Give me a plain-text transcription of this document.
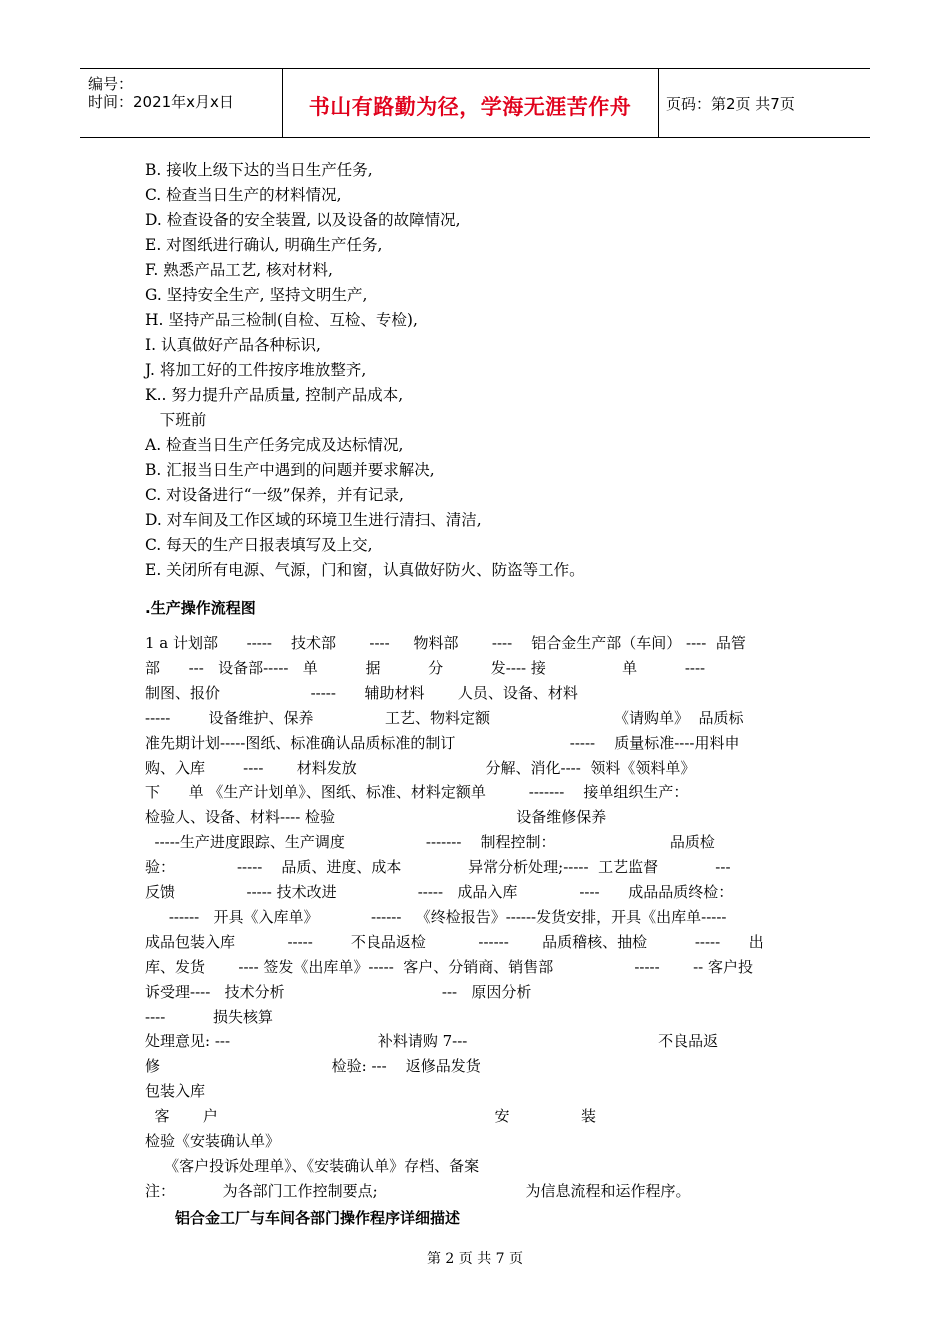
编号：
时间：2021年x月x日	书山有路勤为径，学海无涯苦作舟	页码：第2页 共7页
B. 接收上级下达的当日生产任务,
C. 检查当日生产的材料情况,
D. 检查设备的安全装置, 以及设备的故障情况,
E. 对图纸进行确认, 明确生产任务,
F. 熟悉产品工艺, 核对材料,
G. 坚持安全生产, 坚持文明生产,
H. 坚持产品三检制(自检、互检、专检),
I. 认真做好产品各种标识,
J. 将加工好的工件按序堆放整齐,
K.. 努力提升产品质量, 控制产品成本,
下班前
A. 检查当日生产任务完成及达标情况,
B. 汇报当日生产中遇到的问题并要求解决,
C. 对设备进行“一级”保养，并有记录,
D. 对车间及工作区域的环境卫生进行清扫、清洁,
C. 每天的生产日报表填写及上交,
E. 关闭所有电源、气源，门和窗，认真做好防火、防盗等工作。
.生产操作流程图
1 a 计划部      -----    技术部       ----     物料部       ----    铝合金生产部（车间） ----  品管
部      ---   设备部-----   单          据          分          发---- 接                单          ----
制图、报价                   -----      辅助材料       人员、设备、材料
-----        设备维护、保养               工艺、物料定额                          《请购单》  品质标
准先期计划-----图纸、标准确认品质标准的制订                        -----    质量标准----用料申
购、入库        ----       材料发放                           分解、消化----  领料《领料单》
下      单 《生产计划单》、图纸、标准、材料定额单         -------    接单组织生产：
检验人、设备、材料---- 检验                                      设备维修保养
-----生产进度跟踪、生产调度                 -------    制程控制：                        品质检
验：             -----    品质、进度、成本              异常分析处理;-----  工艺监督            ---
反馈               ----- 技术改进                 -----   成品入库             ----      成品品质终检：
------   开具《入库单》           ------   《终检报告》------发货安排，开具《出库单-----
成品包装入库           -----        不良品返检           ------       品质稽核、抽检          -----      出
库、发货       ---- 签发《出库单》-----  客户、分销商、销售部                 -----       -- 客户投
诉受理----   技术分析                                 ---   原因分析
----          损失核算
处理意见: ---                               补料请购 7---                                        不良品返
修                                    检验: ---    返修品发货
包装入库
客       户                                                          安               装
检验《安装确认单》
《客户投诉处理单》、《安装确认单》存档、备案
注：          为各部门工作控制要点;                               为信息流程和运作程序。
铝合金工厂与车间各部门操作程序详细描述
第 2 页 共 7 页
